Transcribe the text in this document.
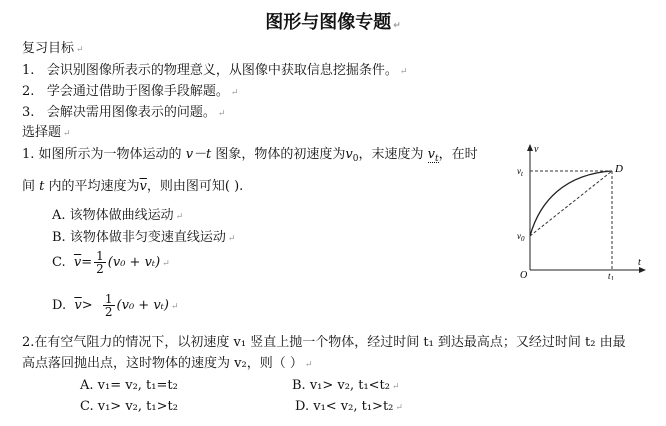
图形与图像专题 ↵
复习目标 ↵
1. 会识别图像所表示的物理意义，从图像中获取信息挖掘条件。 ↵
2. 学会通过借助于图像手段解题。 ↵
3. 会解决需用图像表示的问题。 ↵
选择题 ↵
1. 如图所示为一物体运动的 v－t 图象，物体的初速度为$v_0$，末速度为 $v_t$，在时
间 t 内的平均速度为$\overline{v}$，则由图可知( ).
A. 该物体做曲线运动 ↵
B. 该物体做非匀变速直线运动 ↵
C. $\overline{v}= \frac{1}{2} (v_0 + v_t)$ ↵
D. $\overline{v}> \frac{1}{2} (v_0 + v_t)$ ↵
v
t
O
D
$v_t$
$v_0$
$t_1$
2.在有空气阻力的情况下，以初速度 v₁ 竖直上抛一个物体，经过时间 t₁ 到达最高点；又经过时间 t₂ 由最
高点落回抛出点，这时物体的速度为 v₂，则（ ） ↵
A. v₁= v₂, t₁=t₂	B. v₁> v₂, t₁<t₂ ↵
C. v₁> v₂, t₁>t₂	D. v₁< v₂, t₁>t₂ ↵
